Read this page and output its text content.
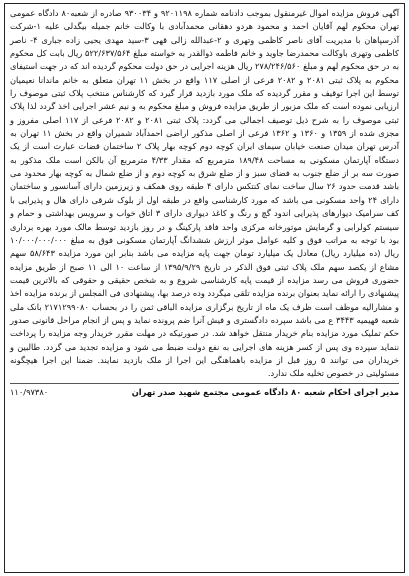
آگهی فروش مزایده اموال غیرمنقول بموجب دادنامه شماره ۹۲۰۱۱۹۸ و ۹۳۰۰۳۴ صادره از شعبه۸۰ دادگاه عمومی تهران محکوم لهم آقایان احمد و محمود هردو دهقانی محمدآبادی با وکالت خانم جمیله بیگدلی علیه ۱-شرکت آذرسپاهان با مدیریت آقای ناصر کاظمی وتهری و ۲-عبدالله زالی قهی ۳-سید مهدی یحیی زاده جباری ۴- ناصر کاظمی وتهری باوکالت محمدرضا جاوید و خانم فاطمه ذوالقدر به خواسته مبلغ ۵۲۲/۶۳۷/۵۶۴ ریال بابت کل محکوم به در حق محکوم لهم و مبلغ ۲۷۸/۲۴۶/۵۶۰ ریال هزینه اجرایی در حق دولت محکوم گردیده اند که در جهت استیفای محکوم به پلاک ثبتی ۲۰۸۱ و ۲۰۸۲ فرعی از اصلی ۱۱۷ واقع در بخش ۱۱ تهران متعلق به خانم ماندانا نعیمیان توسط این اجرا توقیف و مقرر گردیده که ملک مورد بازدید قرار گیرد که کارشناس منتخب پلاک ثبتی موصوف را ارزیابی نموده است که ملک مزبور از طریق مزایده فروش و مبلغ محکوم به و نیم عشر اجرایی اخذ گردد لذا پلاک ثبتی موصوف را به شرح ذیل توصیف اجمالی می گردد: پلاک ثبتی ۲۰۸۱ و ۲۰۸۲ فرعی از ۱۱۷ اصلی مفروز و مجزی شده از ۱۳۵۹ و ۱۳۶۰ و ۱۳۶۲ فرعی از اصلی مذکور اراضی احمدآباد شمیران واقع در بخش ۱۱ تهران به آدرس تهران میدان صنعت خیابان سیمای ایران کوچه دوم کوچه بهار پلاک ۲ ساختمان قضات عبارت است از یک دستگاه آپارتمان مسکونی به مساحت ۱۸۹/۴۸ مترمربع که مقدار ۴/۳۳ مترمربع آن بالکن است ملک مذکور به صورت سه بر از ضلع جنوب به فضای سبز و از ضلع شرق به کوچه دوم و از ضلع شمال به کوچه بهار محدود می باشد قدمت حدود ۲۶ سال ساخت نمای کنتکس دارای ۴ طبقه روی همکف و زیرزمین دارای آسانسور و ساختمان دارای ۲۴ واحد مسکونی می باشد که مورد کارشناسی واقع در طبقه اول از بلوک شرقی دارای هال و پذیرایی با کف سرامیک دیوارهای پذیرایی اندود گچ و رنگ و کاغذ دیواری دارای ۳ اتاق خواب و سرویس بهداشتی و حمام و سیستم کولرابی و گرمایش موتورخانه مرکزی واحد فاقد پارکینگ و در روز بازدید توسط مالک مورد بهره برداری بود با توجه به مراتب فوق و کلیه عوامل موثر ارزش ششدانگ آپارتمان مسکونی فوق به مبلغ ۱۰/۰۰۰/۰۰۰/۰۰۰ ریال (ده میلیارد ریال) معادل یک میلیارد تومان جهت پایه مزایده می باشد بنابر این مورد مزایده ۵۸/۶۴۳ سهم مشاع از یکصد سهم ملک پلاک ثبتی فوق الذکر در تاریخ ۱۳۹۵/۹/۲۹ از ساعت ۱۰ الی ۱۱ صبح از طریق مزایده حضوری فروش می رسد مزایده از قیمت پایه کارشناسی شروع و به شخص حقیقی و حقوقی که بالاترین قیمت پیشنهادی را ارائه نماید بعنوان برنده مزایده تلقی میگردد وده درصد بها، پیشنهادی فی المجلس از برنده مزایده اخذ و مشارالیه موظف است ظرف یک ماه از تاریخ برگزاری مزایده الباقی ثمن را در بحساب ۲۱۷۱۲۹۹۰۸۰ بانک ملی شعبه قهیمیه ۳۴۴۳ ع می باشد سپرده دادگستری و فیش آنرا ضم پرونده نماید و پس از انجام مراحل قانونی صدور حکم تملیک مورد مزایده بنام خریدار منتقل خواهد شد. در صورتیکه در مهلت مقرر خریدار وجه مزایده را پرداخت ننماید سپرده وی پس از کسر هزینه های اجرایی به نفع دولت ضبط می شود و مزایده تجدید می گردد. طالبین و خریداران می توانند ۵ روز قبل از مزایده باهماهنگی این اجرا از ملک بازدید نمایند. ضمنا این اجرا هیچگونه مسئولیتی در خصوص تخلیه ملک ندارد.

مدیر اجرای احکام شعبه ۸۰ دادگاه عمومی مجتمع شهید صدر تهران
۱۱۰/۹۷۳۸۰
